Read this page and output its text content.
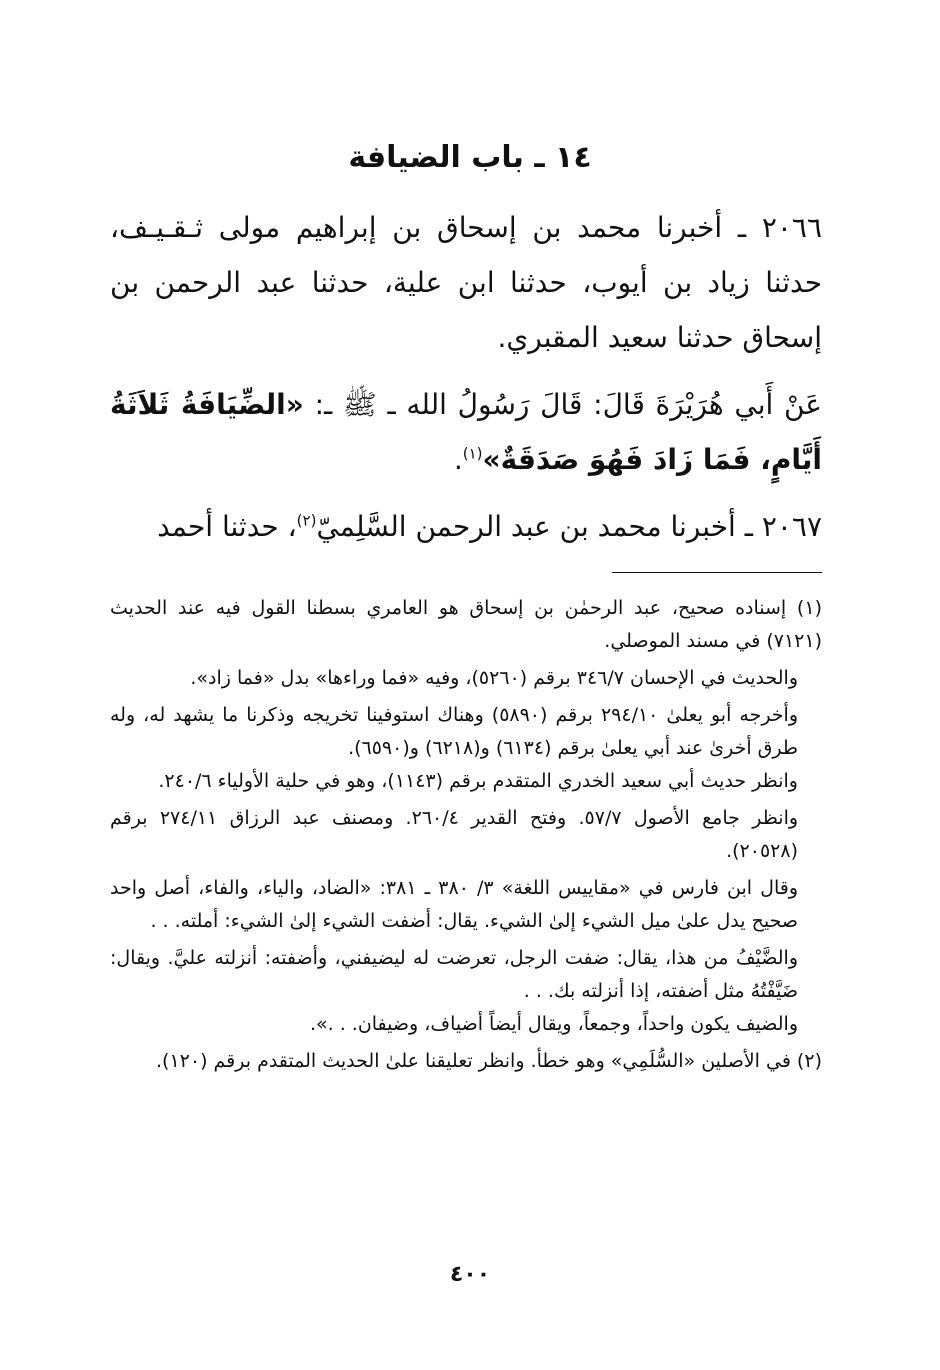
١٤ ـ باب الضيافة

٢٠٦٦ ـ أخبرنا محمد بن إسحاق بن إبراهيم مولى ثـقـيـف، حدثنا زياد بن أيوب، حدثنا ابن علية، حدثنا عبد الرحمن بن إسحاق حدثنا سعيد المقبري.

عَنْ أَبي هُرَيْرَةَ قَالَ: قَالَ رَسُولُ الله ـ ﷺ ـ: «الضِّيَافَةُ ثَلاَثَةُ أَيَّامٍ، فَمَا زَادَ فَهُوَ صَدَقَةٌ»$^{(١)}$.

٢٠٦٧ ـ أخبرنا محمد بن عبد الرحمن السَّلِميّ$^{(٢)}$، حدثنا أحمد

(١) إسناده صحيح، عبد الرحمٰن بن إسحاق هو العامري بسطنا القول فيه عند الحديث (٧١٢١) في مسند الموصلي.

والحديث في الإحسان ٣٤٦/٧ برقم (٥٢٦٠)، وفيه «فما وراءها» بدل «فما زاد».

وأخرجه أبو يعلىٰ ٢٩٤/١٠ برقم (٥٨٩٠) وهناك استوفينا تخريجه وذكرنا ما يشهد له، وله طرق أخرىٰ عند أبي يعلىٰ برقم (٦١٣٤) و(٦٢١٨) و(٦٥٩٠).

وانظر حديث أبي سعيد الخدري المتقدم برقم (١١٤٣)، وهو في حلية الأولياء ٢٤٠/٦.

وانظر جامع الأصول ٥٧/٧. وفتح القدير ٢٦٠/٤. ومصنف عبد الرزاق ٢٧٤/١١ برقم (٢٠٥٢٨).

وقال ابن فارس في «مقاييس اللغة» ٣/ ٣٨٠ ـ ٣٨١: «الضاد، والياء، والفاء، أصل واحد صحيح يدل علىٰ ميل الشيء إلىٰ الشيء. يقال: أضفت الشيء إلىٰ الشيء: أملته. . .

والضَّيْفُ من هذا، يقال: ضفت الرجل، تعرضت له ليضيفني، وأضفته: أنزلته عليَّ. ويقال: ضَيَّفْتُهُ مثل أضفته، إذا أنزلته بك. . .

والضيف يكون واحداً، وجمعاً، ويقال أيضاً أضياف، وضيفان. . .».

(٢) في الأصلين «السُّلَمِي» وهو خطأ. وانظر تعليقنا علىٰ الحديث المتقدم برقم (١٢٠).

٤٠٠
